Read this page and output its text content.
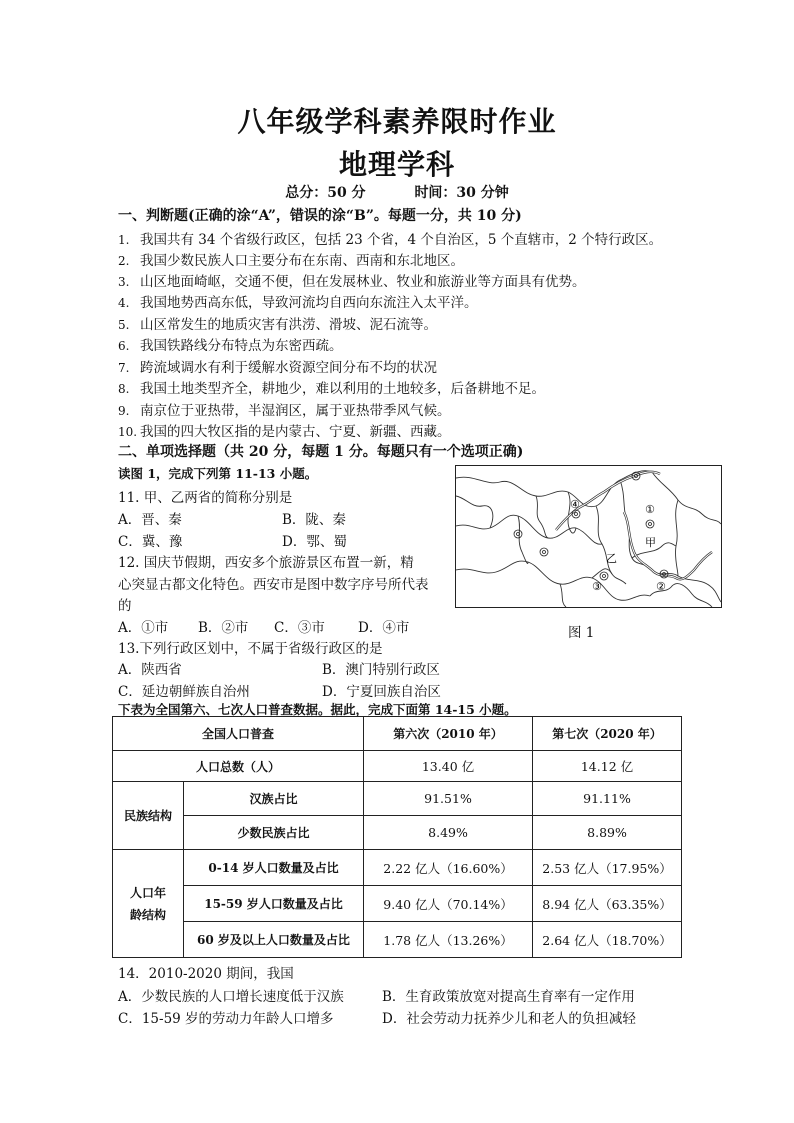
八年级学科素养限时作业
地理学科
总分：50 分	时间：30 分钟
一、判断题(正确的涂“A”，错误的涂“B”。每题一分，共 10 分)
1. 我国共有 34 个省级行政区，包括 23 个省，4 个自治区，5 个直辖市，2 个特行政区。
2. 我国少数民族人口主要分布在东南、西南和东北地区。
3. 山区地面崎岖，交通不便，但在发展林业、牧业和旅游业等方面具有优势。
4. 我国地势西高东低，导致河流均自西向东流注入太平洋。
5. 山区常发生的地质灾害有洪涝、滑坡、泥石流等。
6. 我国铁路线分布特点为东密西疏。
7. 跨流域调水有利于缓解水资源空间分布不均的状况
8. 我国土地类型齐全，耕地少，难以利用的土地较多，后备耕地不足。
9. 南京位于亚热带，半湿润区，属于亚热带季风气候。
10. 我国的四大牧区指的是内蒙古、宁夏、新疆、西藏。
二、单项选择题（共 20 分，每题 1 分。每题只有一个选项正确)
读图 1，完成下列第 11-13 小题。
11. 甲、乙两省的简称分别是
A．晋、秦	B．陇、秦
C．冀、豫	D．鄂、蜀
12. 国庆节假期，西安多个旅游景区布置一新，精
心突显古都文化特色。西安市是图中数字序号所代表
的
A．①市 B．②市 C．③市 D．④市
④	①
甲
乙
②
③
图 1
13.下列行政区划中，不属于省级行政区的是
A．陕西省	B．澳门特别行政区
C．延边朝鲜族自治州	D．宁夏回族自治区
下表为全国第六、七次人口普查数据。据此，完成下面第 14-15 小题。
全国人口普查		第六次（2010 年）	第七次（2020 年）
人口总数（人）		13.40 亿	14.12 亿
民族结构	汉族占比	91.51%	91.11%
	少数民族占比	8.49%	8.89%
人口年龄结构	0-14 岁人口数量及占比	2.22 亿人（16.60%）	2.53 亿人（17.95%）
	15-59 岁人口数量及占比	9.40 亿人（70.14%）	8.94 亿人（63.35%）
	60 岁及以上人口数量及占比	1.78 亿人（13.26%）	2.64 亿人（18.70%）
14．2010-2020 期间，我国
A．少数民族的人口增长速度低于汉族	B．生育政策放宽对提高生育率有一定作用
C．15-59 岁的劳动力年龄人口增多	D．社会劳动力抚养少儿和老人的负担减轻
